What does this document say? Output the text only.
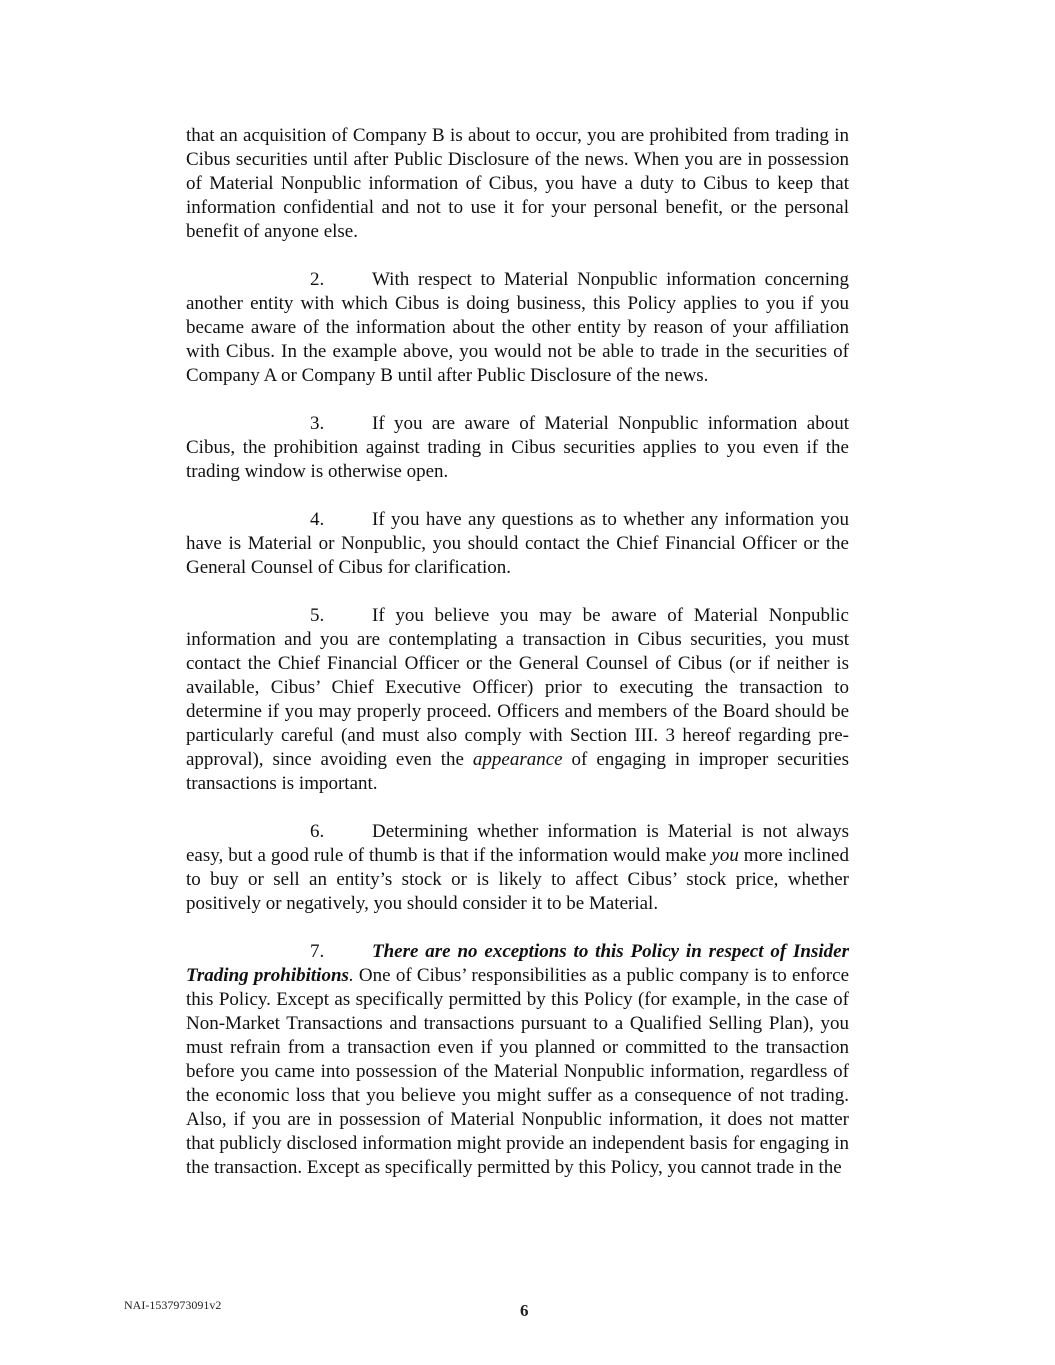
that an acquisition of Company B is about to occur, you are prohibited from trading in Cibus securities until after Public Disclosure of the news. When you are in possession of Material Nonpublic information of Cibus, you have a duty to Cibus to keep that information confidential and not to use it for your personal benefit, or the personal benefit of anyone else.

2.	With respect to Material Nonpublic information concerning another entity with which Cibus is doing business, this Policy applies to you if you became aware of the information about the other entity by reason of your affiliation with Cibus. In the example above, you would not be able to trade in the securities of Company A or Company B until after Public Disclosure of the news.

3.	If you are aware of Material Nonpublic information about Cibus, the prohibition against trading in Cibus securities applies to you even if the trading window is otherwise open.

4.	If you have any questions as to whether any information you have is Material or Nonpublic, you should contact the Chief Financial Officer or the General Counsel of Cibus for clarification.

5.	If you believe you may be aware of Material Nonpublic information and you are contemplating a transaction in Cibus securities, you must contact the Chief Financial Officer or the General Counsel of Cibus (or if neither is available, Cibus’ Chief Executive Officer) prior to executing the transaction to determine if you may properly proceed. Officers and members of the Board should be particularly careful (and must also comply with Section III. 3 hereof regarding pre-approval), since avoiding even the appearance of engaging in improper securities transactions is important.

6.	Determining whether information is Material is not always easy, but a good rule of thumb is that if the information would make you more inclined to buy or sell an entity’s stock or is likely to affect Cibus’ stock price, whether positively or negatively, you should consider it to be Material.

7.	There are no exceptions to this Policy in respect of Insider Trading prohibitions. One of Cibus’ responsibilities as a public company is to enforce this Policy. Except as specifically permitted by this Policy (for example, in the case of Non-Market Transactions and transactions pursuant to a Qualified Selling Plan), you must refrain from a transaction even if you planned or committed to the transaction before you came into possession of the Material Nonpublic information, regardless of the economic loss that you believe you might suffer as a consequence of not trading. Also, if you are in possession of Material Nonpublic information, it does not matter that publicly disclosed information might provide an independent basis for engaging in the transaction. Except as specifically permitted by this Policy, you cannot trade in the

NAI-1537973091v2	6
